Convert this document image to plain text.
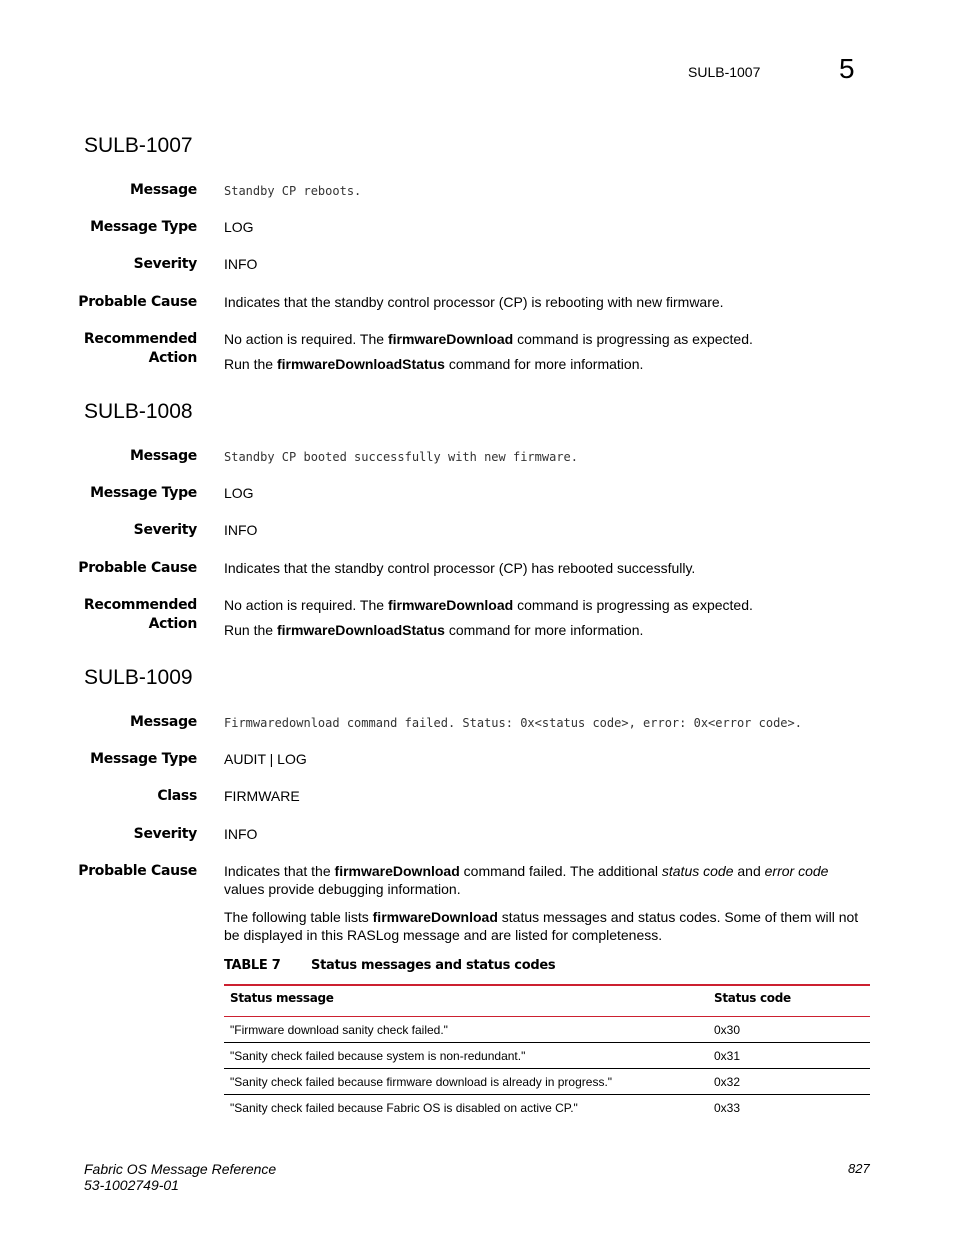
SULB-1007	5
SULB-1007
Message Standby CP reboots.
Message Type LOG
Severity INFO
Probable Cause Indicates that the standby control processor (CP) is rebooting with new firmware.
Recommended
Action

No action is required. The firmwareDownload command is progressing as expected.

Run the firmwareDownloadStatus command for more information.

SULB-1008
Message Standby CP booted successfully with new firmware.
Message Type LOG
Severity INFO
Probable Cause Indicates that the standby control processor (CP) has rebooted successfully.
Recommended
Action

No action is required. The firmwareDownload command is progressing as expected.

Run the firmwareDownloadStatus command for more information.

SULB-1009
Message Firmwaredownload command failed. Status: 0x<status code>, error: 0x<error code>.
Message Type AUDIT | LOG
Class FIRMWARE
Severity INFO
Probable Cause Indicates that the firmwareDownload command failed. The additional status code and error code values provide debugging information.

The following table lists firmwareDownload status messages and status codes. Some of them will not be displayed in this RASLog message and are listed for completeness.

TABLE 7 Status messages and status codes
Status message	Status code
"Firmware download sanity check failed."	0x30
"Sanity check failed because system is non-redundant."	0x31
"Sanity check failed because firmware download is already in progress."	0x32
"Sanity check failed because Fabric OS is disabled on active CP."	0x33
Fabric OS Message Reference
53-1002749-01
827
